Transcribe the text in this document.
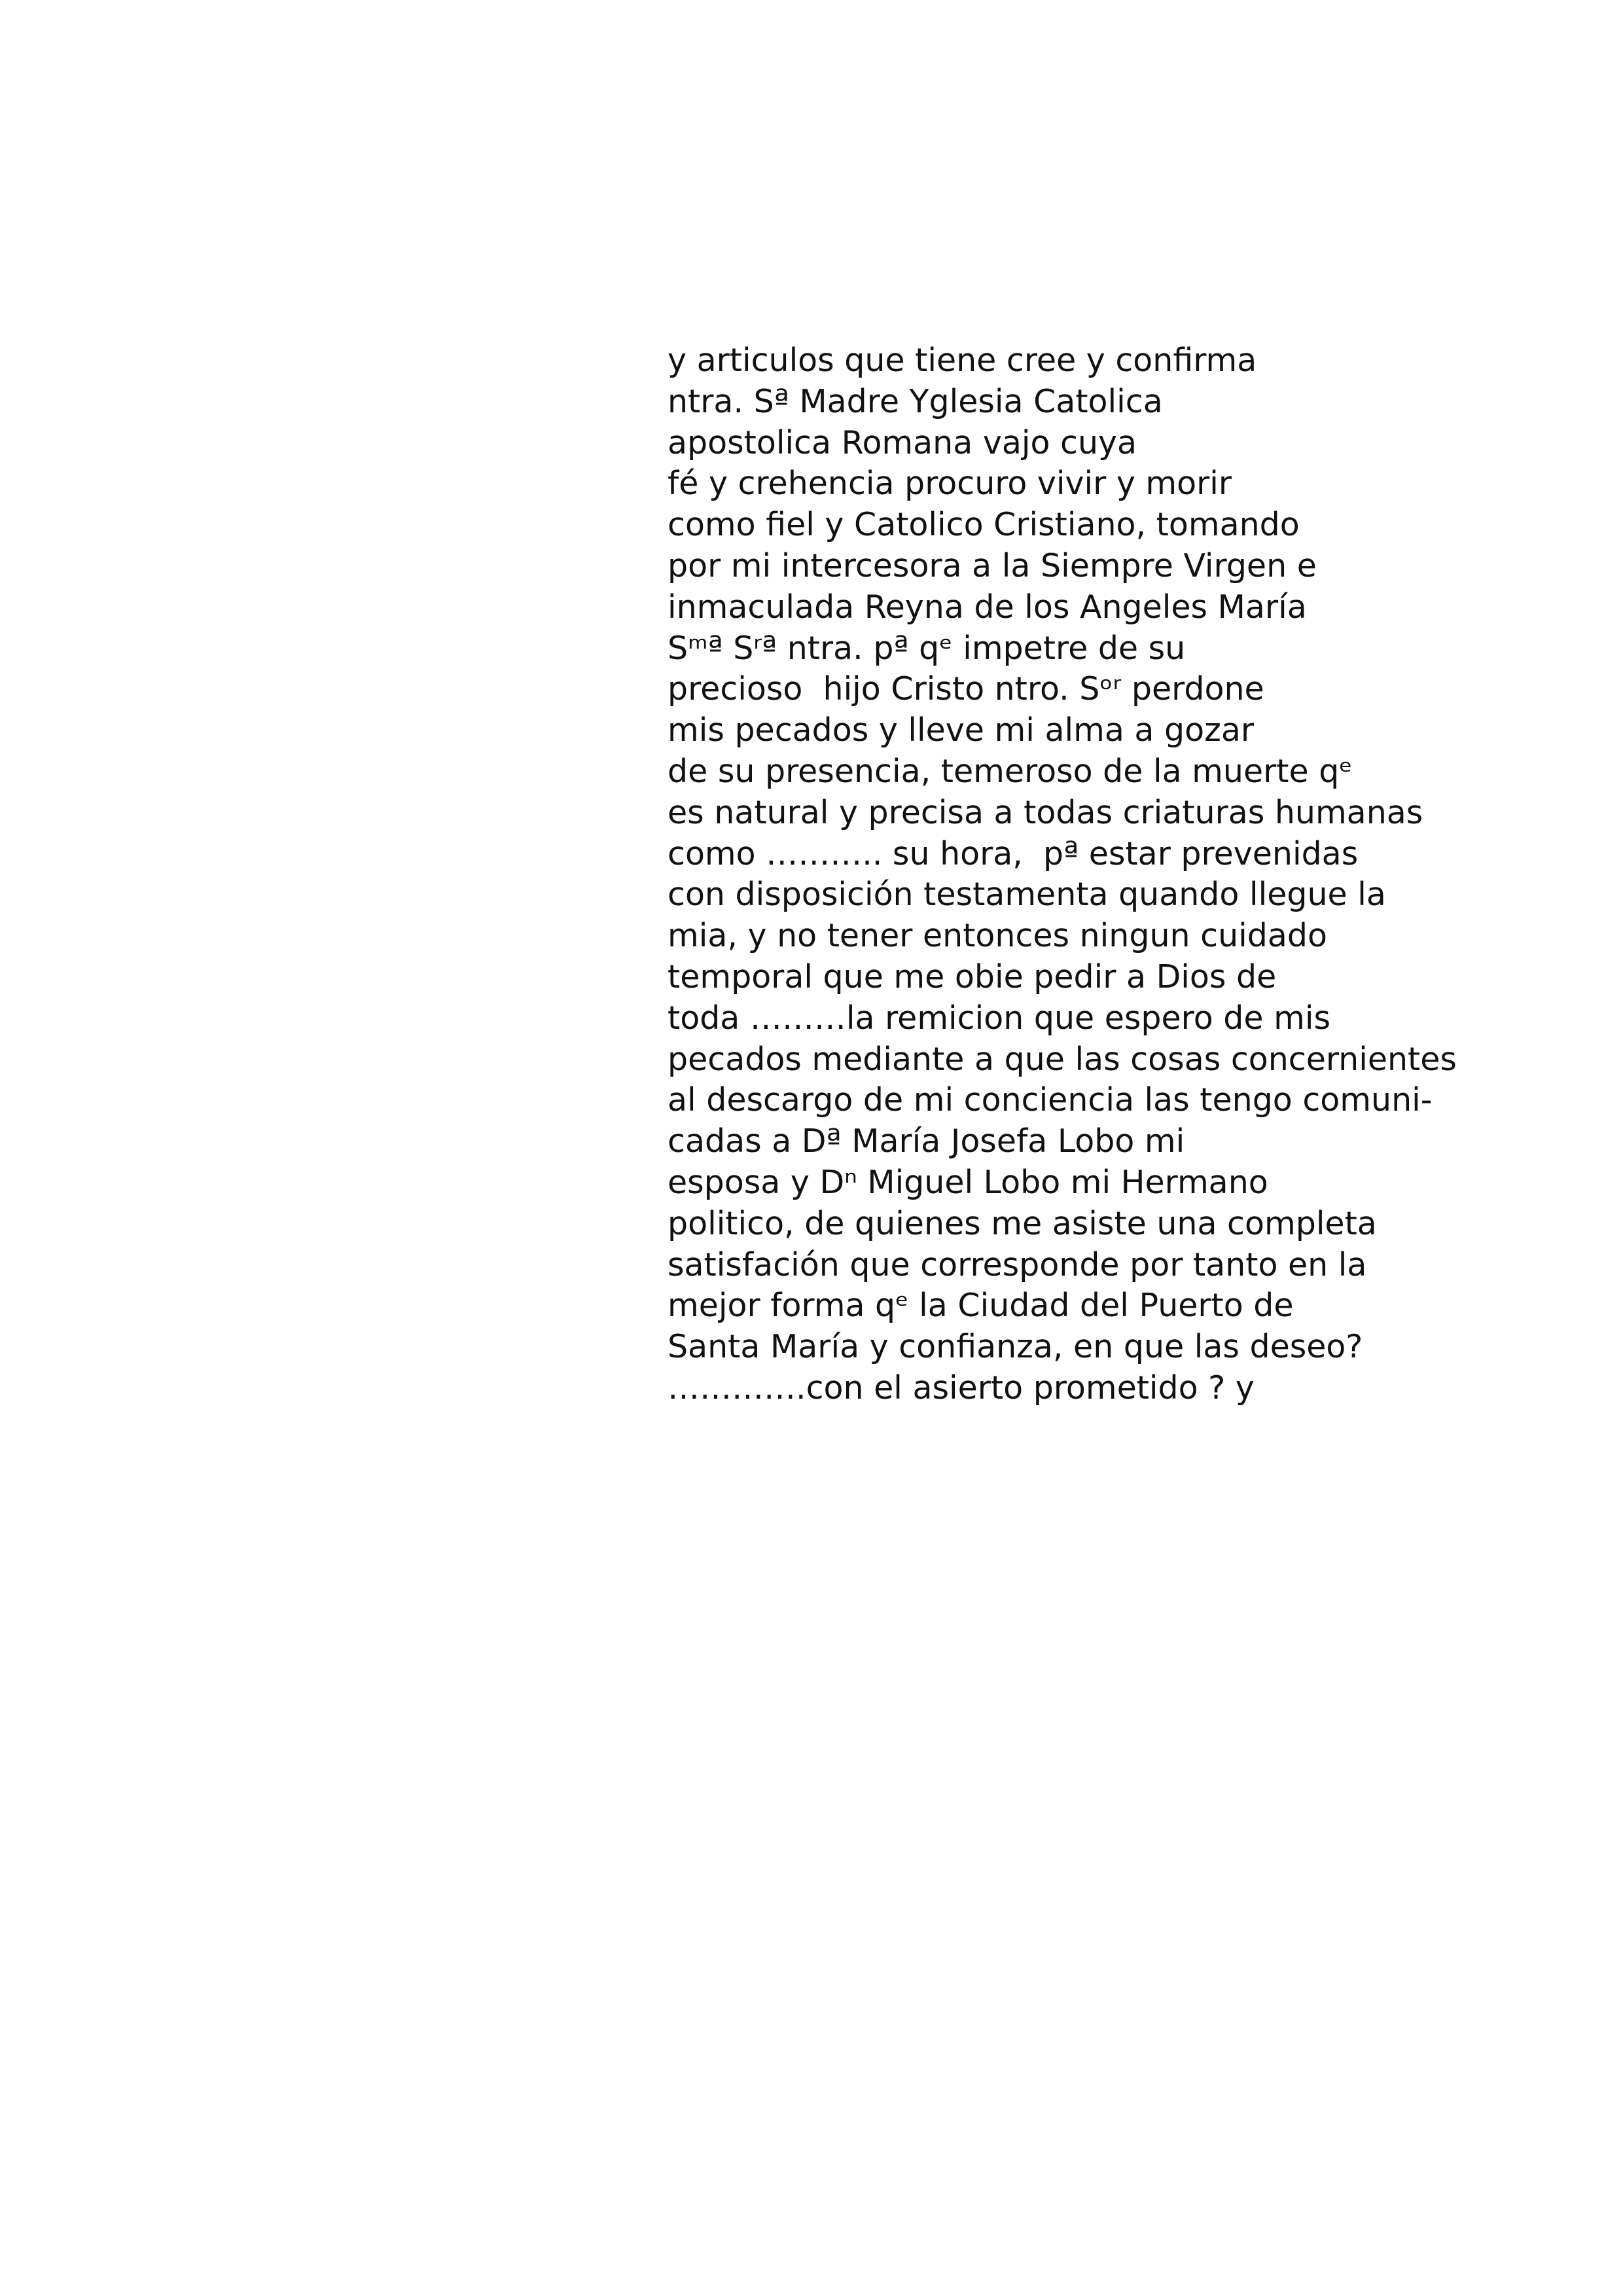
y articulos que tiene cree y confirma
ntra. Sª Madre Yglesia Catolica
apostolica Romana vajo cuya
fé y crehencia procuro vivir y morir
como fiel y Catolico Cristiano, tomando
por mi intercesora a la Siempre Virgen e
inmaculada Reyna de los Angeles María
Sᵐª Sʳª ntra. pª qᵉ impetre de su
precioso  hijo Cristo ntro. Sᵒʳ perdone
mis pecados y lleve mi alma a gozar
de su presencia, temeroso de la muerte qᵉ
es natural y precisa a todas criaturas humanas
como ……….. su hora,  pª estar prevenidas
con disposición testamenta quando llegue la
mia, y no tener entonces ningun cuidado
temporal que me obie pedir a Dios de
toda ………la remicion que espero de mis
pecados mediante a que las cosas concernientes
al descargo de mi conciencia las tengo comuni-
cadas a Dª María Josefa Lobo mi
esposa y Dⁿ Miguel Lobo mi Hermano
politico, de quienes me asiste una completa
satisfación que corresponde por tanto en la
mejor forma qᵉ la Ciudad del Puerto de
Santa María y confianza, en que las deseo?
………….con el asierto prometido ? y
